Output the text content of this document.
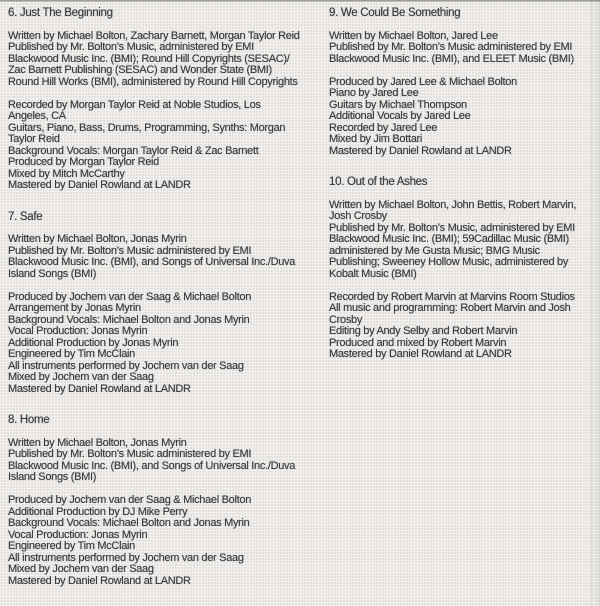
6. Just The Beginning
Written by Michael Bolton, Zachary Barnett, Morgan Taylor Reid
Published by Mr. Bolton’s Music, administered by EMI
Blackwood Music Inc. (BMI); Round Hill Copyrights (SESAC)/
Zac Barnett Publishing (SESAC) and Wonder State (BMI)
Round Hill Works (BMI), administered by Round Hill Copyrights
Recorded by Morgan Taylor Reid at Noble Studios, Los
Angeles, CA
Guitars, Piano, Bass, Drums, Programming, Synths: Morgan
Taylor Reid
Background Vocals: Morgan Taylor Reid & Zac Barnett
Produced by Morgan Taylor Reid
Mixed by Mitch McCarthy
Mastered by Daniel Rowland at LANDR
7. Safe
Written by Michael Bolton, Jonas Myrin
Published by Mr. Bolton’s Music administered by EMI
Blackwood Music Inc. (BMI), and Songs of Universal Inc./Duva
Island Songs (BMI)
Produced by Jochem van der Saag & Michael Bolton
Arrangement by Jonas Myrin
Background Vocals: Michael Bolton and Jonas Myrin
Vocal Production: Jonas Myrin
Additional Production by Jonas Myrin
Engineered by Tim McClain
All instruments performed by Jochem van der Saag
Mixed by Jochem van der Saag
Mastered by Daniel Rowland at LANDR
8. Home
Written by Michael Bolton, Jonas Myrin
Published by Mr. Bolton’s Music administered by EMI
Blackwood Music Inc. (BMI), and Songs of Universal Inc./Duva
Island Songs (BMI)
Produced by Jochem van der Saag & Michael Bolton
Additional Production by DJ Mike Perry
Background Vocals: Michael Bolton and Jonas Myrin
Vocal Production: Jonas Myrin
Engineered by Tim McClain
All instruments performed by Jochem van der Saag
Mixed by Jochem van der Saag
Mastered by Daniel Rowland at LANDR
9. We Could Be Something
Written by Michael Bolton, Jared Lee
Published by Mr. Bolton’s Music administered by EMI
Blackwood Music Inc. (BMI), and ELEET Music (BMI)
Produced by Jared Lee & Michael Bolton
Piano by Jared Lee
Guitars by Michael Thompson
Additional Vocals by Jared Lee
Recorded by Jared Lee
Mixed by Jim Bottari
Mastered by Daniel Rowland at LANDR
10. Out of the Ashes
Written by Michael Bolton, John Bettis, Robert Marvin,
Josh Crosby
Published by Mr. Bolton’s Music, administered by EMI
Blackwood Music Inc. (BMI); 59Cadillac Music (BMI)
administered by Me Gusta Music; BMG Music
Publishing; Sweeney Hollow Music, administered by
Kobalt Music (BMI)
Recorded by Robert Marvin at Marvins Room Studios
All music and programming: Robert Marvin and Josh
Crosby
Editing by Andy Selby and Robert Marvin
Produced and mixed by Robert Marvin
Mastered by Daniel Rowland at LANDR
